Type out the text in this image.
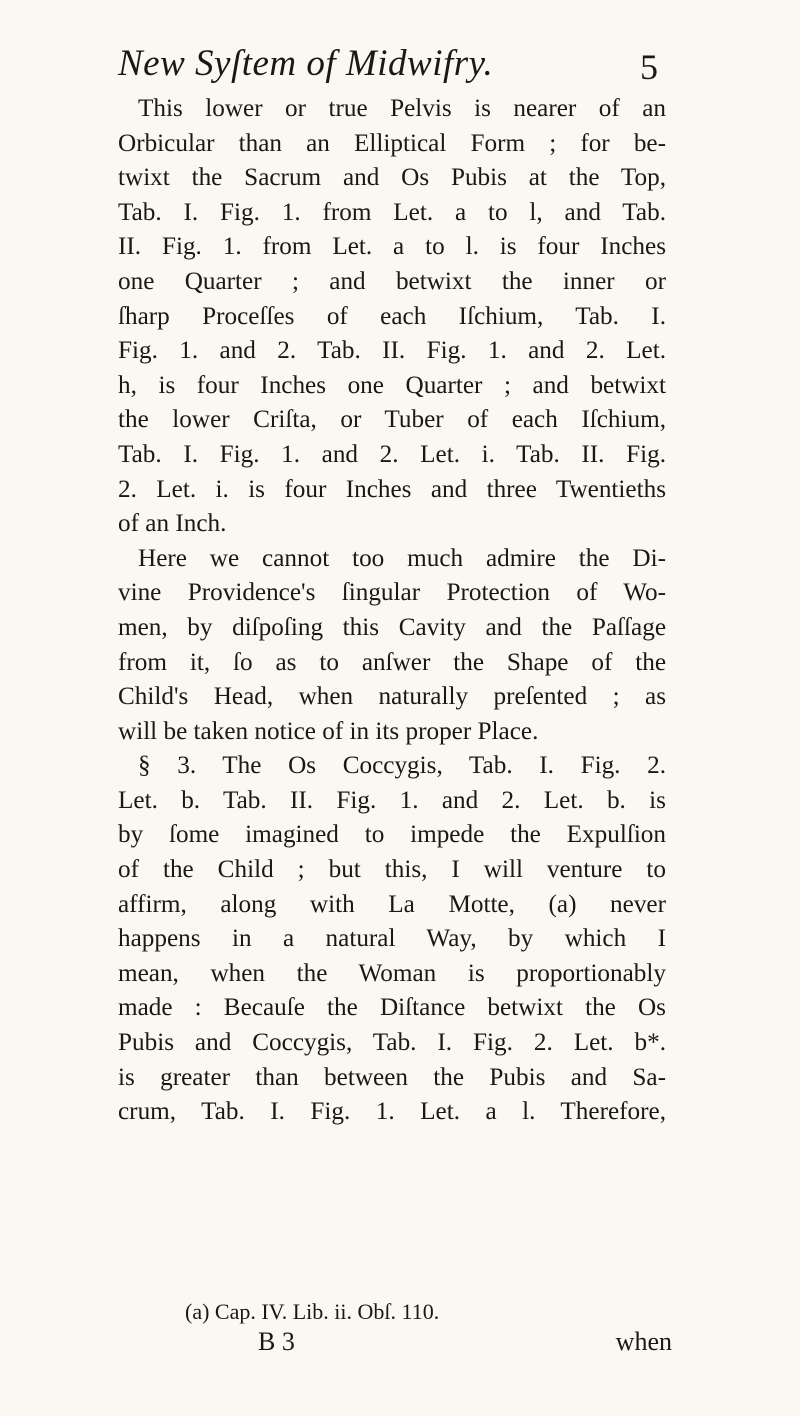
New Syſtem of Midwifry.	5
This lower or true Pelvis is nearer of an
Orbicular than an Elliptical Form ; for be-
twixt the Sacrum and Os Pubis at the Top,
Tab. I. Fig. 1. from Let. a to l, and Tab.
II. Fig. 1. from Let. a to l. is four Inches
one Quarter ; and betwixt the inner or
ſharp Proceſſes of each Iſchium, Tab. I.
Fig. 1. and 2. Tab. II. Fig. 1. and 2. Let.
h, is four Inches one Quarter ; and betwixt
the lower Criſta, or Tuber of each Iſchium,
Tab. I. Fig. 1. and 2. Let. i. Tab. II. Fig.
2. Let. i. is four Inches and three Twentieths
of an Inch.
Here we cannot too much admire the Di-
vine Providence's ſingular Protection of Wo-
men, by diſpoſing this Cavity and the Paſſage
from it, ſo as to anſwer the Shape of the
Child's Head, when naturally preſented ; as
will be taken notice of in its proper Place.
§ 3. The Os Coccygis, Tab. I. Fig. 2.
Let. b. Tab. II. Fig. 1. and 2. Let. b. is
by ſome imagined to impede the Expulſion
of the Child ; but this, I will venture to
affirm, along with La Motte, (a) never
happens in a natural Way, by which I
mean, when the Woman is proportionably
made : Becauſe the Diſtance betwixt the Os
Pubis and Coccygis, Tab. I. Fig. 2. Let. b*.
is greater than between the Pubis and Sa-
crum, Tab. I. Fig. 1. Let. a l. Therefore,
(a) Cap. IV. Lib. ii. Obſ. 110.
B 3	when
